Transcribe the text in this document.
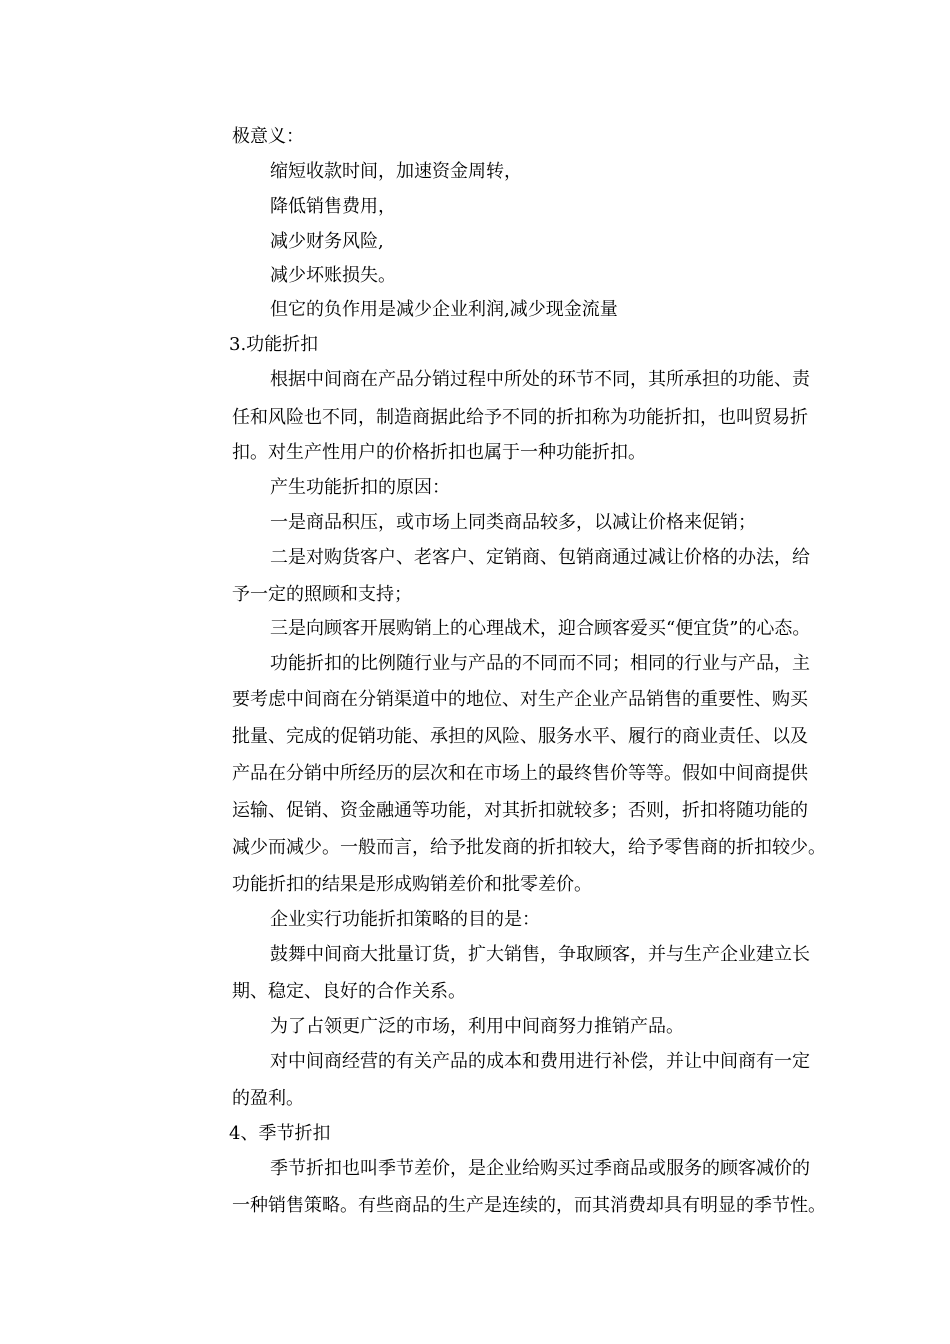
极意义：
缩短收款时间，加速资金周转，
降低销售费用，
减少财务风险,
减少坏账损失。
但它的负作用是减少企业利润,减少现金流量
3.功能折扣
根据中间商在产品分销过程中所处的环节不同，其所承担的功能、责
任和风险也不同，制造商据此给予不同的折扣称为功能折扣，也叫贸易折
扣。对生产性用户的价格折扣也属于一种功能折扣。
产生功能折扣的原因：
一是商品积压，或市场上同类商品较多，以减让价格来促销；
二是对购货客户、老客户、定销商、包销商通过减让价格的办法，给
予一定的照顾和支持；
三是向顾客开展购销上的心理战术，迎合顾客爱买“便宜货”的心态。
功能折扣的比例随行业与产品的不同而不同；相同的行业与产品，主
要考虑中间商在分销渠道中的地位、对生产企业产品销售的重要性、购买
批量、完成的促销功能、承担的风险、服务水平、履行的商业责任、以及
产品在分销中所经历的层次和在市场上的最终售价等等。假如中间商提供
运输、促销、资金融通等功能，对其折扣就较多；否则，折扣将随功能的
减少而减少。一般而言，给予批发商的折扣较大，给予零售商的折扣较少。
功能折扣的结果是形成购销差价和批零差价。
企业实行功能折扣策略的目的是：
鼓舞中间商大批量订货，扩大销售，争取顾客，并与生产企业建立长
期、稳定、良好的合作关系。
为了占领更广泛的市场，利用中间商努力推销产品。
对中间商经营的有关产品的成本和费用进行补偿，并让中间商有一定
的盈利。
4、季节折扣
季节折扣也叫季节差价，是企业给购买过季商品或服务的顾客减价的
一种销售策略。有些商品的生产是连续的，而其消费却具有明显的季节性。
